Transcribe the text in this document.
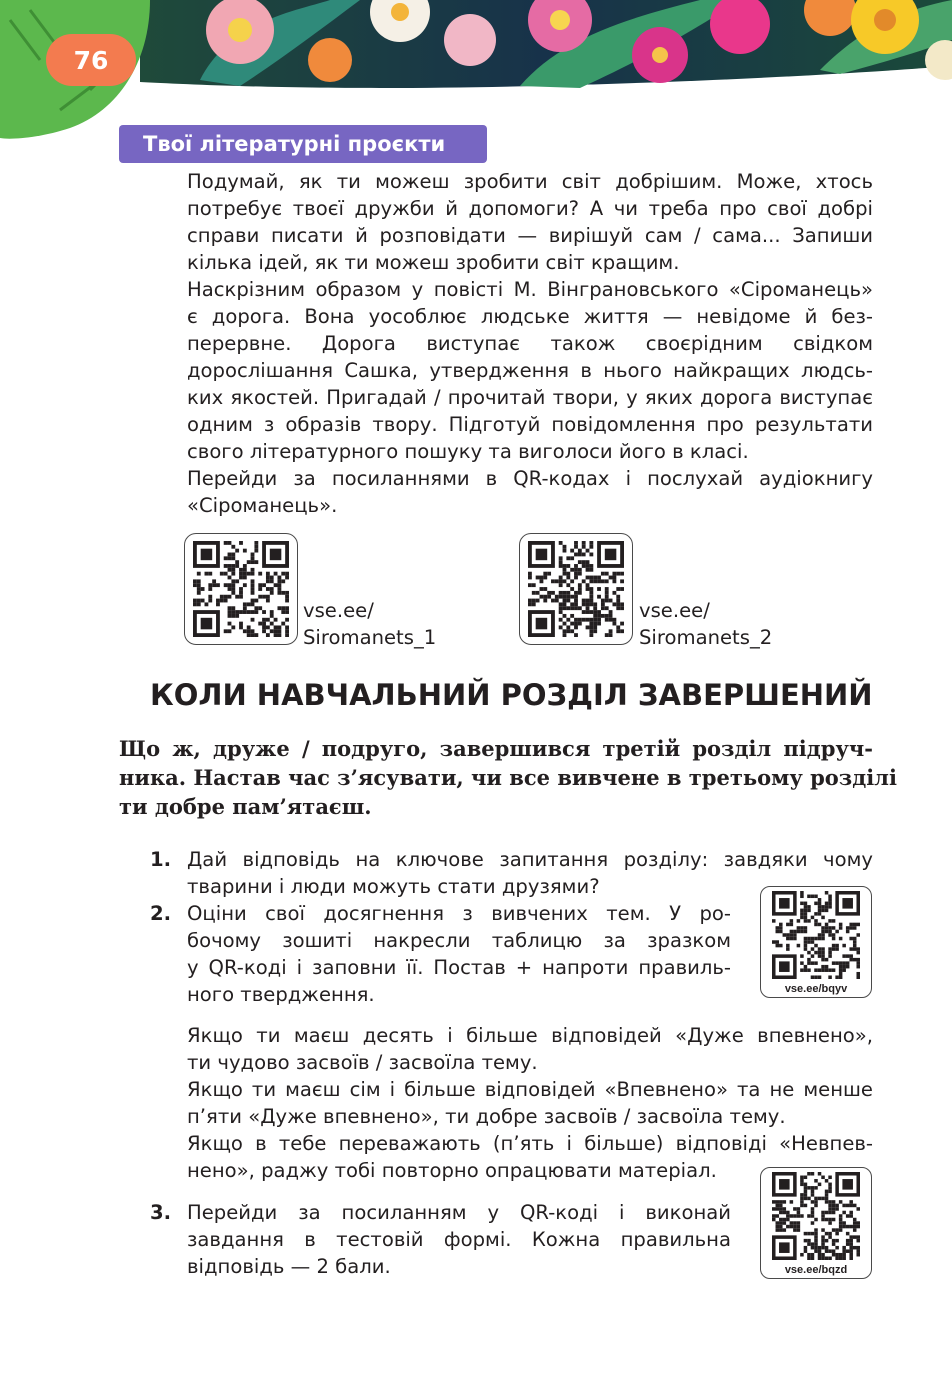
76
Твої літературні проєкти
Подумай, як ти можеш зробити світ добрішим. Може, хтось
потребує твоєї дружби й допомоги? А чи треба про свої добрі
справи писати й розповідати — вирішуй сам / сама... Запиши
кілька ідей, як ти можеш зробити світ кращим.
Наскрізним образом у повісті М. Вінграновського «Сіроманець»
є дорога. Вона уособлює людське життя — невідоме й без-
перервне. Дорога виступає також своєрідним свідком
дорослішання Сашка, утвердження в нього найкращих людсь-
ких якостей. Пригадай / прочитай твори, у яких дорога виступає
одним з образів твору. Підготуй повідомлення про результати
свого літературного пошуку та виголоси його в класі.
Перейди за посиланнями в QR-кодах і послухай аудіокнигу
«Сіроманець».
vse.ee/
Siromanets_1
vse.ee/
Siromanets_2
КОЛИ НАВЧАЛЬНИЙ РОЗДІЛ ЗАВЕРШЕНИЙ
Що ж, друже / подруго, завершився третій розділ підруч-
ника. Настав час з’ясувати, чи все вивчене в третьому розділі
ти добре пам’ятаєш.
1. Дай відповідь на ключове запитання розділу: завдяки чому
тварини і люди можуть стати друзями?
2. Оціни свої досягнення з вивчених тем. У ро-
бочому зошиті накресли таблицю за зразком
у QR-коді і заповни її. Постав + напроти правиль-
ного твердження.	vse.ee/bqyv
Якщо ти маєш десять і більше відповідей «Дуже впевнено»,
ти чудово засвоїв / засвоїла тему.
Якщо ти маєш сім і більше відповідей «Впевнено» та не менше
п’яти «Дуже впевнено», ти добре засвоїв / засвоїла тему.
Якщо в тебе переважають (п’ять і більше) відповіді «Невпев-
нено», раджу тобі повторно опрацювати матеріал.
3. Перейди за посиланням у QR-коді і виконай
завдання в тестовій формі. Кожна правильна
відповідь — 2 бали.	vse.ee/bqzd
